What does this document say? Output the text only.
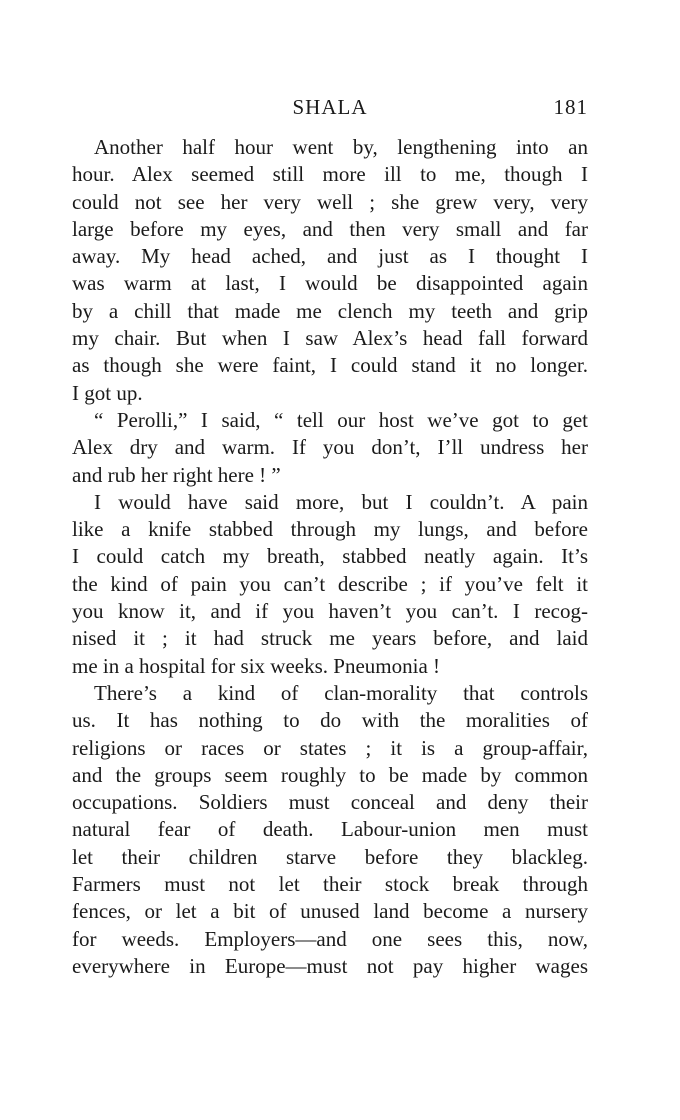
SHALA	181
Another half hour went by, lengthening into an
hour. Alex seemed still more ill to me, though I
could not see her very well ; she grew very, very
large before my eyes, and then very small and far
away. My head ached, and just as I thought I
was warm at last, I would be disappointed again
by a chill that made me clench my teeth and grip
my chair. But when I saw Alex’s head fall forward
as though she were faint, I could stand it no longer.
I got up.
“ Perolli,” I said, “ tell our host we’ve got to get
Alex dry and warm. If you don’t, I’ll undress her
and rub her right here ! ”
I would have said more, but I couldn’t. A pain
like a knife stabbed through my lungs, and before
I could catch my breath, stabbed neatly again. It’s
the kind of pain you can’t describe ; if you’ve felt it
you know it, and if you haven’t you can’t. I recog-
nised it ; it had struck me years before, and laid
me in a hospital for six weeks. Pneumonia !
There’s a kind of clan-morality that controls
us. It has nothing to do with the moralities of
religions or races or states ; it is a group-affair,
and the groups seem roughly to be made by common
occupations. Soldiers must conceal and deny their
natural fear of death. Labour-union men must
let their children starve before they blackleg.
Farmers must not let their stock break through
fences, or let a bit of unused land become a nursery
for weeds. Employers—and one sees this, now,
everywhere in Europe—must not pay higher wages
